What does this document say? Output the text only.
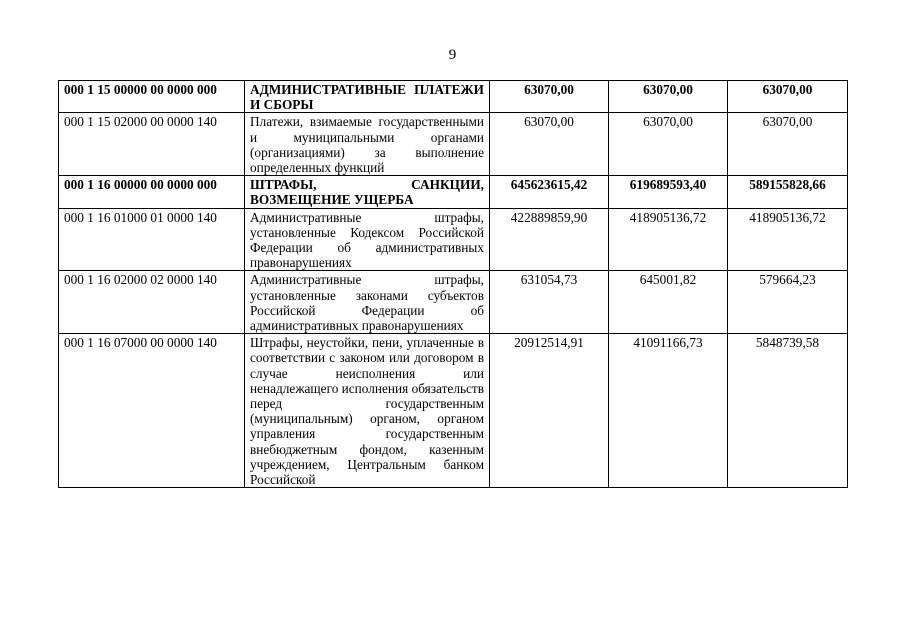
9
000 1 15 00000 00 0000 000	АДМИНИСТРАТИВНЫЕ ПЛАТЕЖИ И СБОРЫ	63070,00	63070,00	63070,00
000 1 15 02000 00 0000 140	Платежи, взимаемые государственными и муниципальными органами (организациями) за выполнение определенных функций	63070,00	63070,00	63070,00
000 1 16 00000 00 0000 000	ШТРАФЫ, САНКЦИИ, ВОЗМЕЩЕНИЕ УЩЕРБА	645623615,42	619689593,40	589155828,66
000 1 16 01000 01 0000 140	Административные штрафы, установленные Кодексом Российской Федерации об административных правонарушениях	422889859,90	418905136,72	418905136,72
000 1 16 02000 02 0000 140	Административные штрафы, установленные законами субъектов Российской Федерации об административных правонарушениях	631054,73	645001,82	579664,23
000 1 16 07000 00 0000 140	Штрафы, неустойки, пени, уплаченные в соответствии с законом или договором в случае неисполнения или ненадлежащего исполнения обязательств перед государственным (муниципальным) органом, органом управления государственным внебюджетным фондом, казенным учреждением, Центральным банком Российской	20912514,91	41091166,73	5848739,58
